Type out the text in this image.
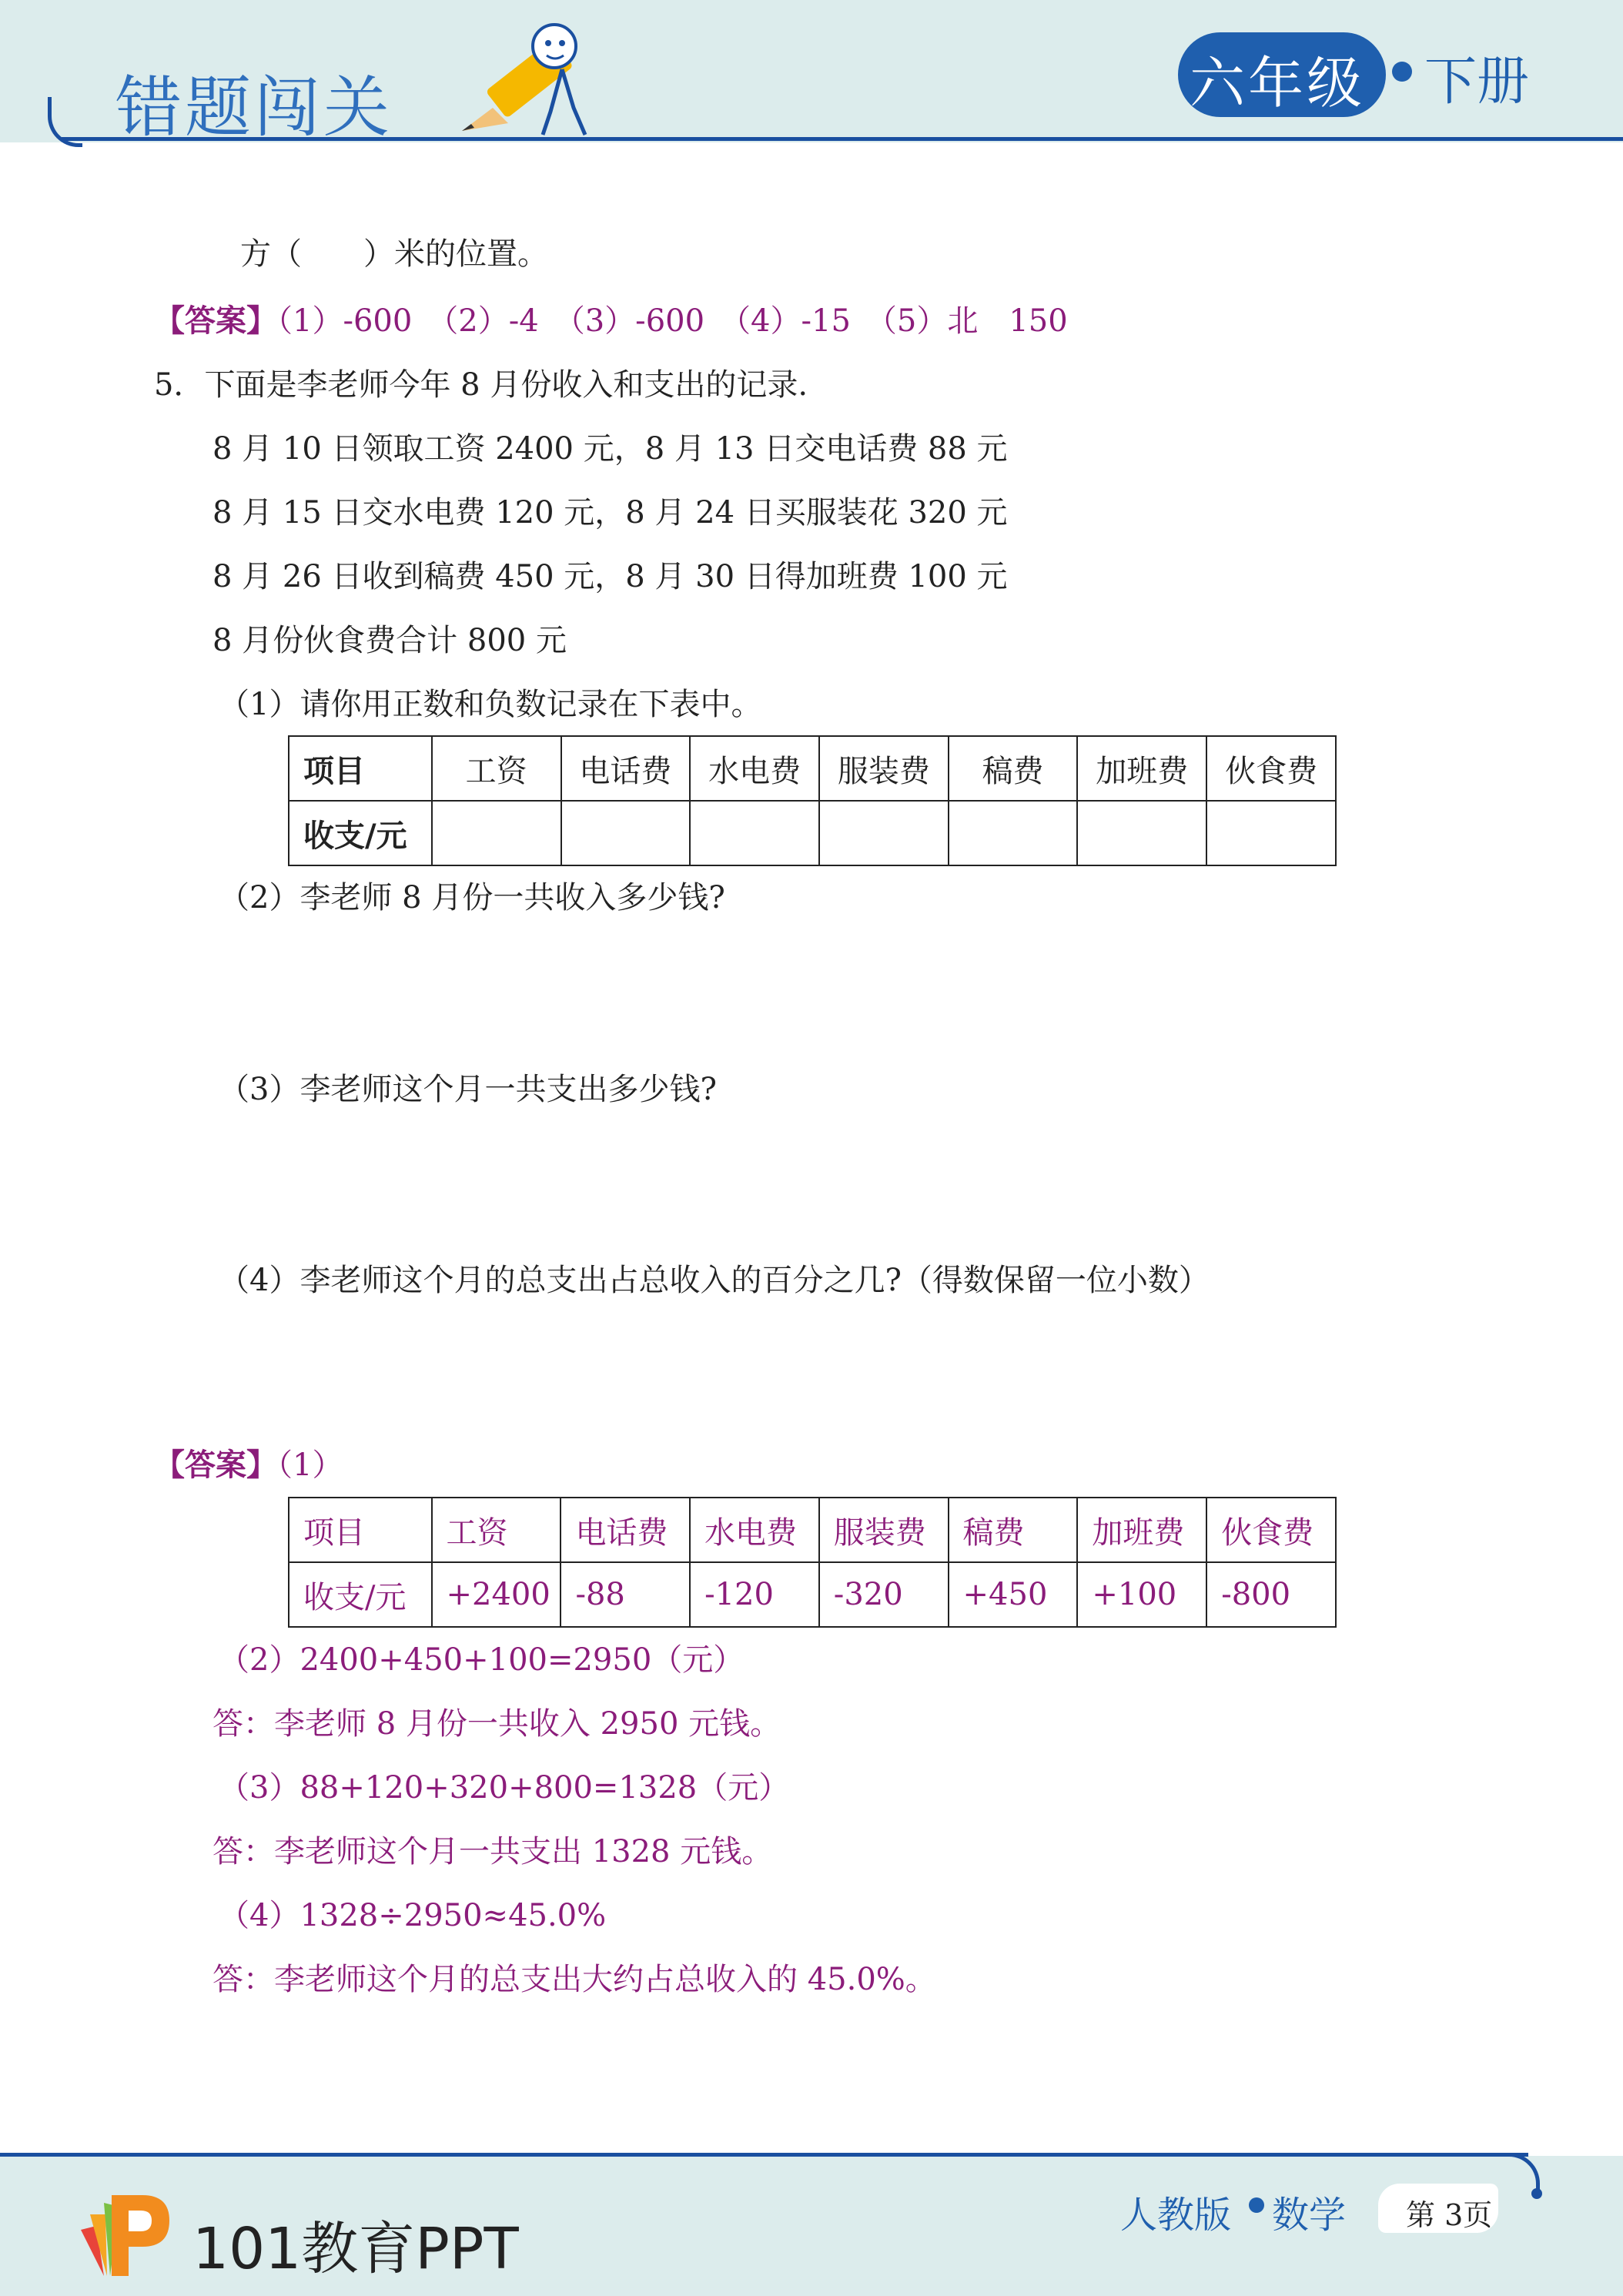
错题闯关	六年级 下册
方（　　）米的位置。
【答案】（1）-600　（2）-4　（3）-600　（4）-15　（5）北　150
5．下面是李老师今年 8 月份收入和支出的记录.
8 月 10 日领取工资 2400 元，8 月 13 日交电话费 88 元
8 月 15 日交水电费 120 元，8 月 24 日买服装花 320 元
8 月 26 日收到稿费 450 元，8 月 30 日得加班费 100 元
8 月份伙食费合计 800 元
（1）请你用正数和负数记录在下表中。
项目	工资	电话费	水电费	服装费	稿费	加班费	伙食费
收支/元							
（2）李老师 8 月份一共收入多少钱?
（3）李老师这个月一共支出多少钱?
（4）李老师这个月的总支出占总收入的百分之几?（得数保留一位小数）
【答案】（1）
项目	工资	电话费	水电费	服装费	稿费	加班费	伙食费
收支/元	+2400	-88	-120	-320	+450	+100	-800
（2）2400+450+100=2950（元）
答：李老师 8 月份一共收入 2950 元钱。
（3）88+120+320+800=1328（元）
答：李老师这个月一共支出 1328 元钱。
（4）1328÷2950≈45.0%
答：李老师这个月的总支出大约占总收入的 45.0%。
101教育PPT
人教版 数学 第 3页
